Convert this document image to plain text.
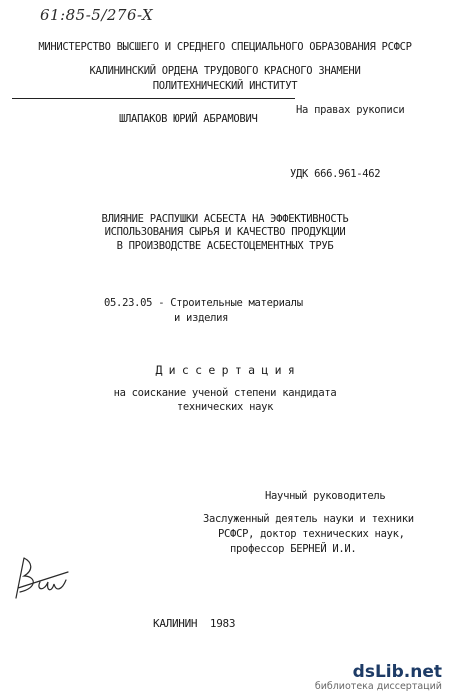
61:85-5/276-X
МИНИСТЕРСТВО ВЫСШЕГО И СРЕДНЕГО СПЕЦИАЛЬНОГО ОБРАЗОВАНИЯ РСФСР
КАЛИНИНСКИЙ ОРДЕНА ТРУДОВОГО КРАСНОГО ЗНАМЕНИ
ПОЛИТЕХНИЧЕСКИЙ ИНСТИТУТ
На правах рукописи
ШЛАПАКОВ ЮРИЙ АБРАМОВИЧ
УДК 666.961-462
ВЛИЯНИЕ РАСПУШКИ АСБЕСТА НА ЭФФЕКТИВНОСТЬ
ИСПОЛЬЗОВАНИЯ СЫРЬЯ И КАЧЕСТВО ПРОДУКЦИИ
В ПРОИЗВОДСТВЕ АСБЕСТОЦЕМЕНТНЫХ ТРУБ
05.23.05 - Строительные материалы
и изделия
Д и с с е р т а ц и я
на соискание ученой степени кандидата
технических наук
Научный руководитель
Заслуженный деятель науки и техники
РСФСР, доктор технических наук,
профессор БЕРНЕЙ И.И.
КАЛИНИН  1983
dsLib.net
библиотека диссертаций
